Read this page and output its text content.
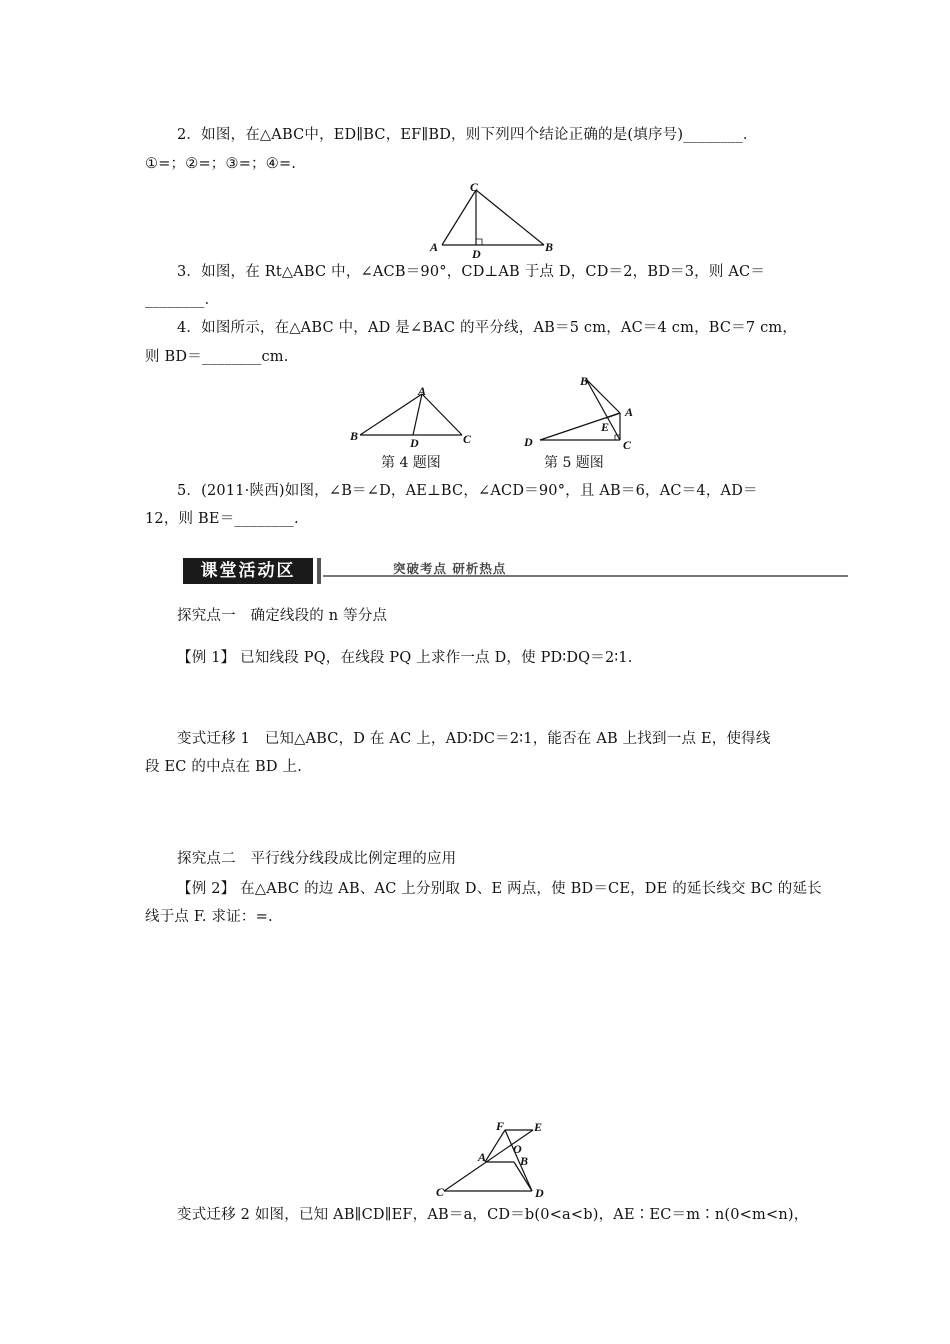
2．如图，在△ABC中，ED∥BC，EF∥BD，则下列四个结论正确的是(填序号)________．
①=；②=；③=；④=.
C
A	D	B
3．如图，在 Rt△ABC 中，∠ACB＝90°，CD⊥AB 于点 D，CD＝2，BD＝3，则 AC＝
________．
4．如图所示，在△ABC 中，AD 是∠BAC 的平分线，AB＝5 cm，AC＝4 cm，BC＝7 cm，
则 BD＝________cm.
A
B	D	C
第 4 题图
B
A
E
D	C
第 5 题图
5．(2011·陕西)如图，∠B＝∠D，AE⊥BC，∠ACD＝90°，且 AB＝6，AC＝4，AD＝
12，则 BE＝________.
课堂活动区	突破考点 研析热点
探究点一　确定线段的 n 等分点
【例 1】 已知线段 PQ，在线段 PQ 上求作一点 D，使 PD∶DQ＝2∶1.
变式迁移 1　已知△ABC，D 在 AC 上，AD∶DC＝2∶1，能否在 AB 上找到一点 E，使得线
段 EC 的中点在 BD 上.
探究点二　平行线分线段成比例定理的应用
【例 2】 在△ABC 的边 AB、AC 上分别取 D、E 两点，使 BD＝CE，DE 的延长线交 BC 的延长
线于点 F. 求证：=.
F E
A
O
B
C	D
变式迁移 2 如图，已知 AB∥CD∥EF，AB＝a，CD＝b(0<a<b)，AE∶EC＝m∶n(0<m<n)，
